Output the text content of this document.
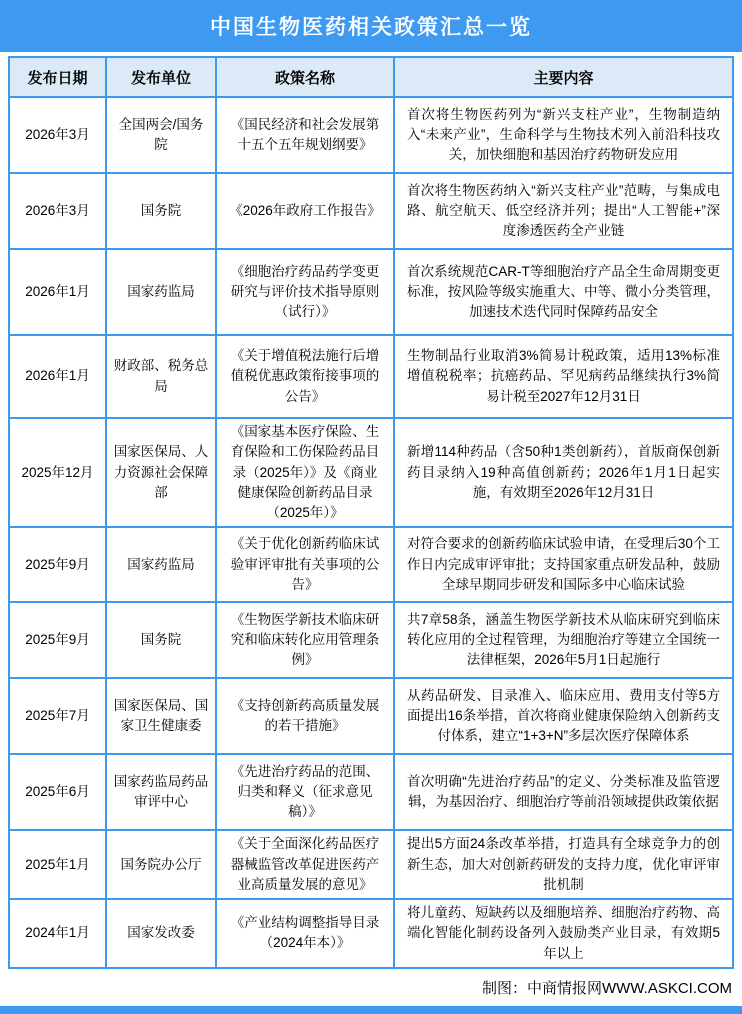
中国生物医药相关政策汇总一览
发布日期	发布单位	政策名称	主要内容
2026年3月	全国两会/国务院	《国民经济和社会发展第十五个五年规划纲要》	首次将生物医药列为“新兴支柱产业”，生物制造纳入“未来产业”，生命科学与生物技术列入前沿科技攻关，加快细胞和基因治疗药物研发应用
2026年3月	国务院	《2026年政府工作报告》	首次将生物医药纳入“新兴支柱产业”范畴，与集成电路、航空航天、低空经济并列；提出“人工智能+”深度渗透医药全产业链
2026年1月	国家药监局	《细胞治疗药品药学变更研究与评价技术指导原则（试行）》	首次系统规范CAR-T等细胞治疗产品全生命周期变更标准，按风险等级实施重大、中等、微小分类管理，加速技术迭代同时保障药品安全
2026年1月	财政部、税务总局	《关于增值税法施行后增值税优惠政策衔接事项的公告》	生物制品行业取消3%简易计税政策，适用13%标准增值税税率；抗癌药品、罕见病药品继续执行3%简易计税至2027年12月31日
2025年12月	国家医保局、人力资源社会保障部	《国家基本医疗保险、生育保险和工伤保险药品目录（2025年）》及《商业健康保险创新药品目录（2025年）》	新增114种药品（含50种1类创新药），首版商保创新药目录纳入19种高值创新药；2026年1月1日起实施，有效期至2026年12月31日
2025年9月	国家药监局	《关于优化创新药临床试验审评审批有关事项的公告》	对符合要求的创新药临床试验申请，在受理后30个工作日内完成审评审批；支持国家重点研发品种，鼓励全球早期同步研发和国际多中心临床试验
2025年9月	国务院	《生物医学新技术临床研究和临床转化应用管理条例》	共7章58条，涵盖生物医学新技术从临床研究到临床转化应用的全过程管理，为细胞治疗等建立全国统一法律框架，2026年5月1日起施行
2025年7月	国家医保局、国家卫生健康委	《支持创新药高质量发展的若干措施》	从药品研发、目录准入、临床应用、费用支付等5方面提出16条举措，首次将商业健康保险纳入创新药支付体系，建立“1+3+N”多层次医疗保障体系
2025年6月	国家药监局药品审评中心	《先进治疗药品的范围、归类和释义（征求意见稿）》	首次明确“先进治疗药品”的定义、分类标准及监管逻辑，为基因治疗、细胞治疗等前沿领域提供政策依据
2025年1月	国务院办公厅	《关于全面深化药品医疗器械监管改革促进医药产业高质量发展的意见》	提出5方面24条改革举措，打造具有全球竞争力的创新生态，加大对创新药研发的支持力度，优化审评审批机制
2024年1月	国家发改委	《产业结构调整指导目录（2024年本）》	将儿童药、短缺药以及细胞培养、细胞治疗药物、高端化智能化制药设备列入鼓励类产业目录，有效期5年以上
制图：中商情报网WWW.ASKCI.COM
